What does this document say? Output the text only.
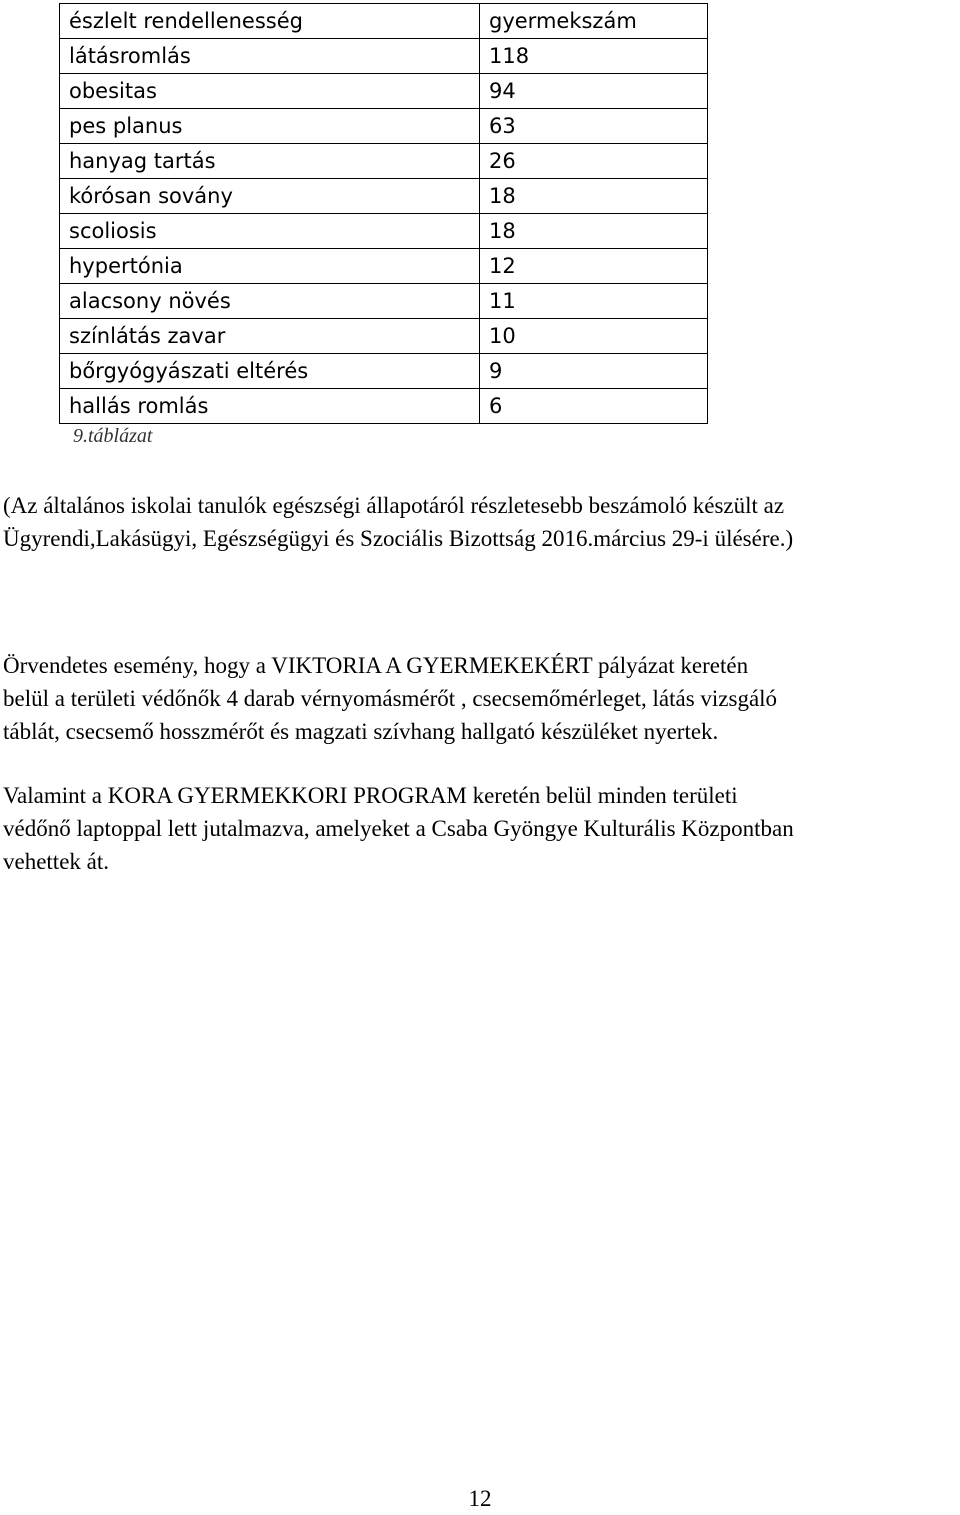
észlelt rendellenesség	gyermekszám
látásromlás	118
obesitas	94
pes planus	63
hanyag tartás	26
kórósan sovány	18
scoliosis	18
hypertónia	12
alacsony növés	11
színlátás zavar	10
bőrgyógyászati eltérés	9
hallás romlás	6
9.táblázat

(Az általános iskolai tanulók egészségi állapotáról részletesebb beszámoló készült az
Ügyrendi,Lakásügyi, Egészségügyi és Szociális Bizottság 2016.március 29-i ülésére.)

Örvendetes esemény, hogy a VIKTORIA A GYERMEKEKÉRT pályázat keretén
belül a területi védőnők 4 darab vérnyomásmérőt , csecsemőmérleget, látás vizsgáló
táblát, csecsemő hosszmérőt és magzati szívhang hallgató készüléket nyertek.

Valamint a KORA GYERMEKKORI PROGRAM keretén belül minden területi
védőnő laptoppal lett jutalmazva, amelyeket a Csaba Gyöngye Kulturális Központban
vehettek át.

12
